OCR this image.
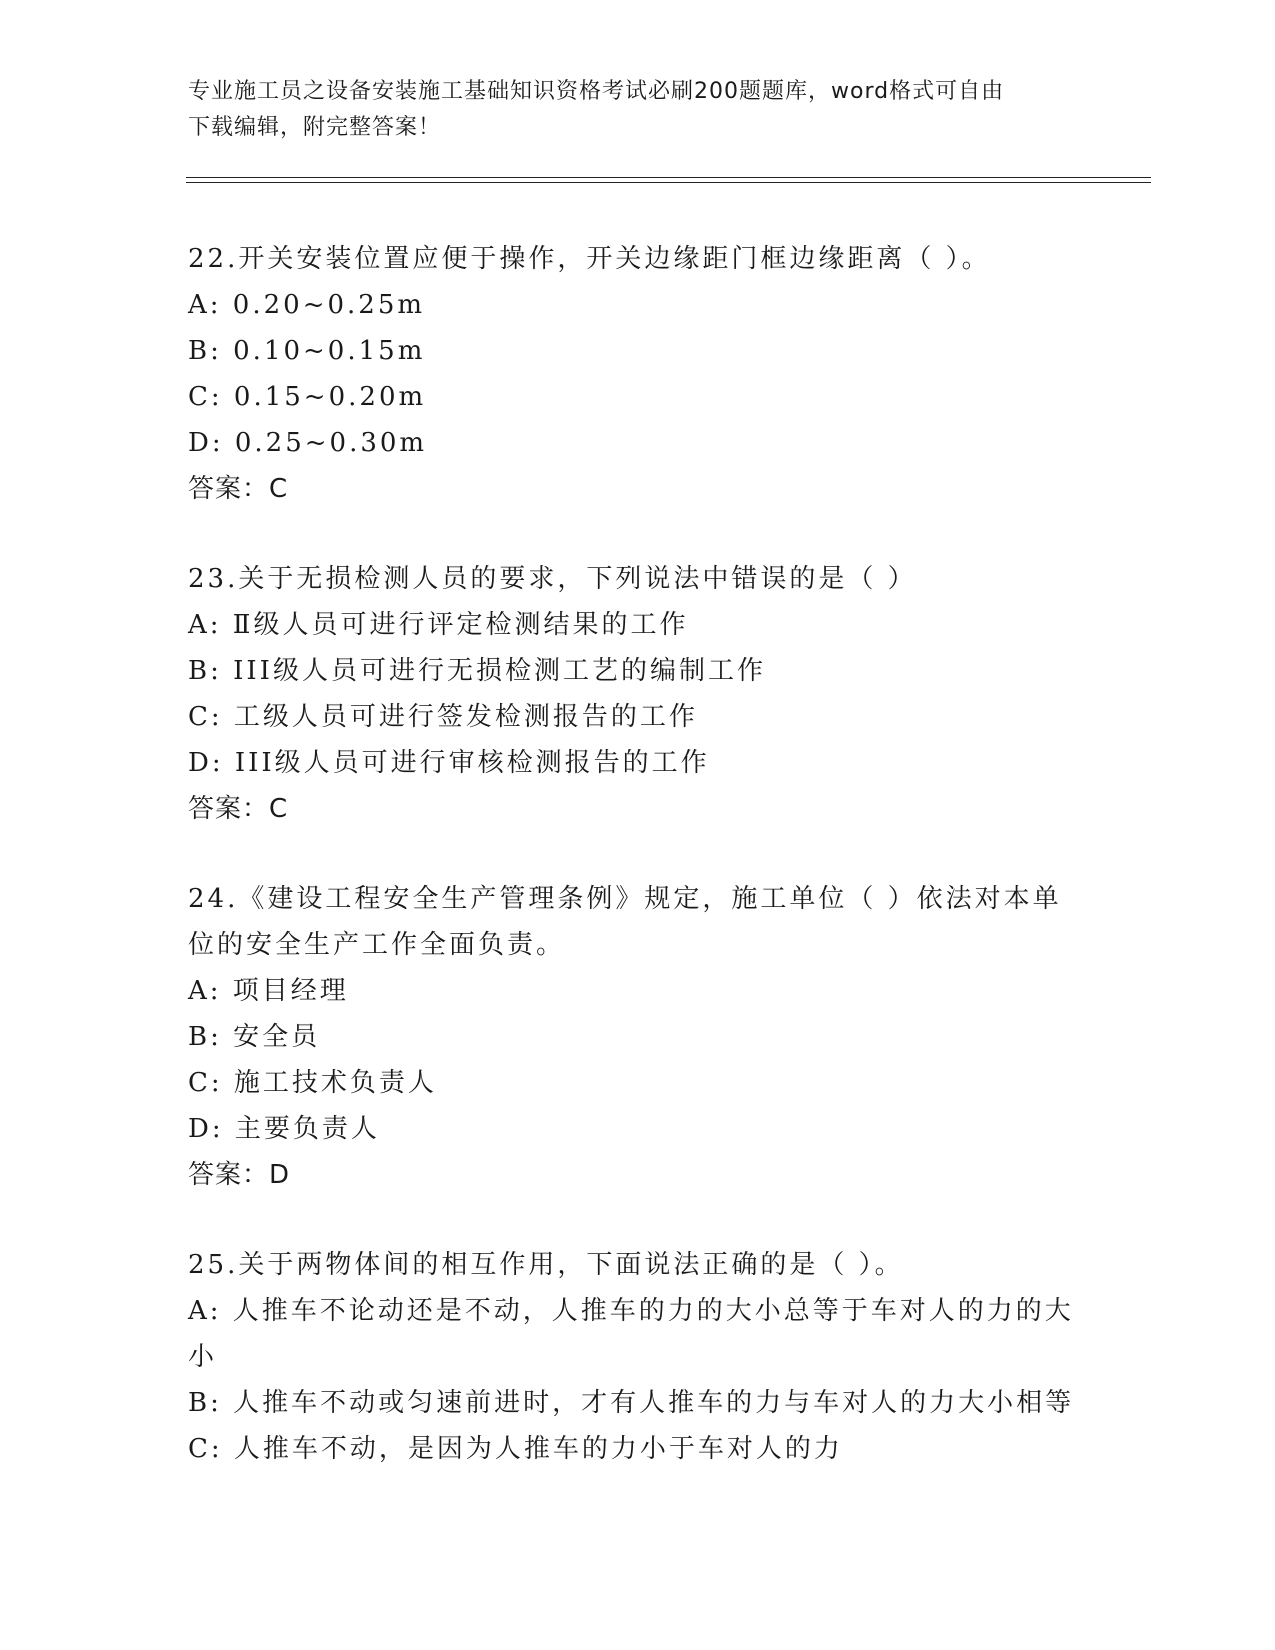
专业施工员之设备安装施工基础知识资格考试必刷200题题库，word格式可自由
下载编辑，附完整答案！
22.开关安装位置应便于操作，开关边缘距门框边缘距离（ ）。
A: 0.20~0.25m
B: 0.10~0.15m
C: 0.15~0.20m
D: 0.25~0.30m
答案：C
23.关于无损检测人员的要求，下列说法中错误的是（ ）
A: Ⅱ级人员可进行评定检测结果的工作
B: III级人员可进行无损检测工艺的编制工作
C: 工级人员可进行签发检测报告的工作
D: III级人员可进行审核检测报告的工作
答案：C
24.《建设工程安全生产管理条例》规定，施工单位（ ）依法对本单
位的安全生产工作全面负责。
A: 项目经理
B: 安全员
C: 施工技术负责人
D: 主要负责人
答案：D
25.关于两物体间的相互作用，下面说法正确的是（ ）。
A: 人推车不论动还是不动，人推车的力的大小总等于车对人的力的大
小
B: 人推车不动或匀速前进时，才有人推车的力与车对人的力大小相等
C: 人推车不动，是因为人推车的力小于车对人的力
